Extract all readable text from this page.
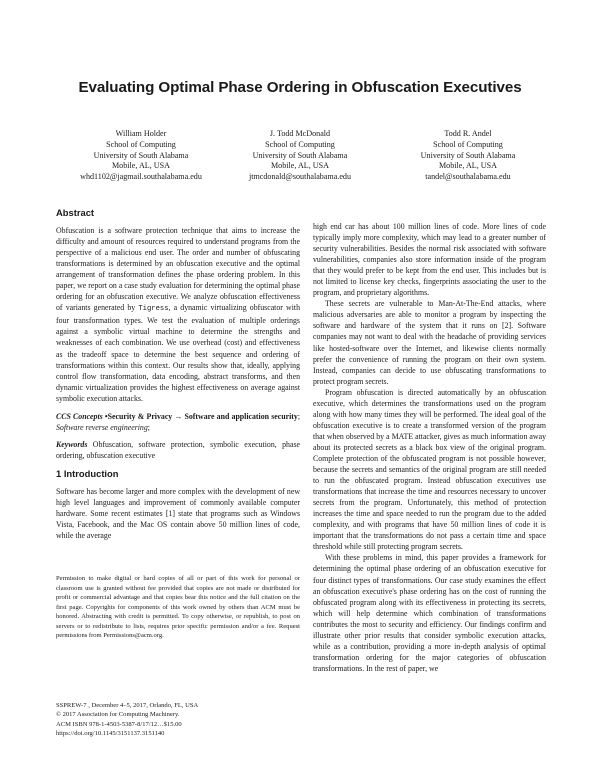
Evaluating Optimal Phase Ordering in Obfuscation Executives
William Holder
School of Computing
University of South Alabama
Mobile, AL, USA
whd1102@jagmail.southalabama.edu
J. Todd McDonald
School of Computing
University of South Alabama
Mobile, AL, USA
jtmcdonald@southalabama.edu
Todd R. Andel
School of Computing
University of South Alabama
Mobile, AL, USA
tandel@southalabama.edu
Abstract

Obfuscation is a software protection technique that aims to increase the difficulty and amount of resources required to understand programs from the perspective of a malicious end user. The order and number of obfuscating transformations is determined by an obfuscation executive and the optimal arrangement of transformation defines the phase ordering problem. In this paper, we report on a case study evaluation for determining the optimal phase ordering for an obfuscation executive. We analyze obfuscation effectiveness of variants generated by Tigress, a dynamic virtualizing obfuscator with four transformation types. We test the evaluation of multiple orderings against a symbolic virtual machine to determine the strengths and weaknesses of each combination. We use overhead (cost) and effectiveness as the tradeoff space to determine the best sequence and ordering of transformations within this context. Our results show that, ideally, applying control flow transformation, data encoding, abstract transforms, and then dynamic virtualization provides the highest effectiveness on average against symbolic execution attacks.

CCS Concepts •Security & Privacy → Software and application security; Software reverse engineering;

Keywords Obfuscation, software protection, symbolic execution, phase ordering, obfuscation executive

1 Introduction

Software has become larger and more complex with the development of new high level languages and improvement of commonly available computer hardware. Some recent estimates [1] state that programs such as Windows Vista, Facebook, and the Mac OS contain above 50 million lines of code, while the average

Permission to make digital or hard copies of all or part of this work for personal or classroom use is granted without fee provided that copies are not made or distributed for profit or commercial advantage and that copies bear this notice and the full citation on the first page. Copyrights for components of this work owned by others than ACM must be honored. Abstracting with credit is permitted. To copy otherwise, or republish, to post on servers or to redistribute to lists, requires prior specific permission and/or a fee. Request permissions from Permissions@acm.org.
SSPREW-7 , December 4–5, 2017, Orlando, FL, USA
© 2017 Association for Computing Machinery.
ACM ISBN 978-1-4503-5387-8/17/12…$15.00
https://doi.org/10.1145/3151137.3151140

high end car has about 100 million lines of code. More lines of code typically imply more complexity, which may lead to a greater number of security vulnerabilities. Besides the normal risk associated with software vulnerabilities, companies also store information inside of the program that they would prefer to be kept from the end user. This includes but is not limited to license key checks, fingerprints associating the user to the program, and proprietary algorithms.

These secrets are vulnerable to Man-At-The-End attacks, where malicious adversaries are able to monitor a program by inspecting the software and hardware of the system that it runs on [2]. Software companies may not want to deal with the headache of providing services like hosted-software over the Internet, and likewise clients normally prefer the convenience of running the program on their own system. Instead, companies can decide to use obfuscating transformations to protect program secrets.

Program obfuscation is directed automatically by an obfuscation executive, which determines the transformations used on the program along with how many times they will be performed. The ideal goal of the obfuscation executive is to create a transformed version of the program that when observed by a MATE attacker, gives as much information away about its protected secrets as a black box view of the original program. Complete protection of the obfuscated program is not possible however, because the secrets and semantics of the original program are still needed to run the obfuscated program. Instead obfuscation executives use transformations that increase the time and resources necessary to uncover secrets from the program. Unfortunately, this method of protection increases the time and space needed to run the program due to the added complexity, and with programs that have 50 million lines of code it is important that the transformations do not pass a certain time and space threshold while still protecting program secrets.

With these problems in mind, this paper provides a framework for determining the optimal phase ordering of an obfuscation executive for four distinct types of transformations. Our case study examines the effect an obfuscation executive's phase ordering has on the cost of running the obfuscated program along with its effectiveness in protecting its secrets, which will help determine which combination of transformations contributes the most to security and efficiency. Our findings confirm and illustrate other prior results that consider symbolic execution attacks, while as a contribution, providing a more in-depth analysis of optimal transformation ordering for the major categories of obfuscation transformations. In the rest of paper, we
